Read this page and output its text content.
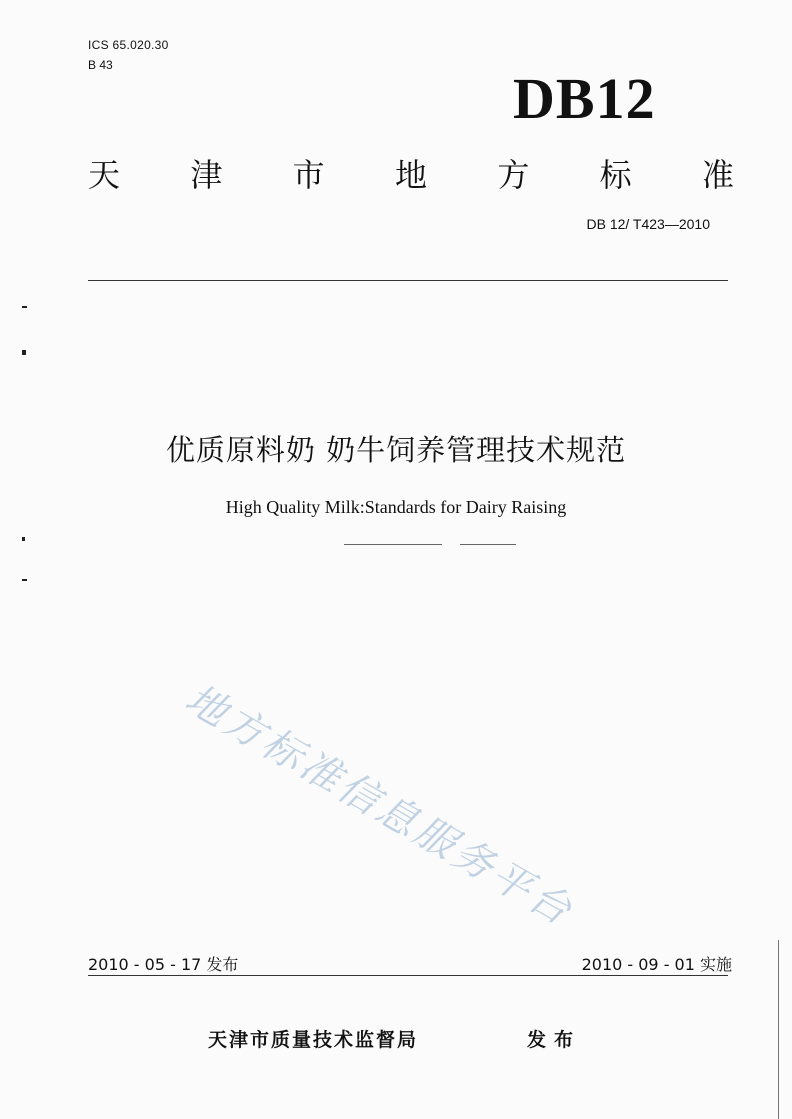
ICS 65.020.30
B 43
DB12
天 津 市 地 方 标 准
DB 12/ T423—2010
优质原料奶 奶牛饲养管理技术规范
High Quality Milk:Standards for Dairy Raising
地方标准信息服务平台
2010 - 05 - 17 发布	2010 - 09 - 01 实施
天津市质量技术监督局	发布
